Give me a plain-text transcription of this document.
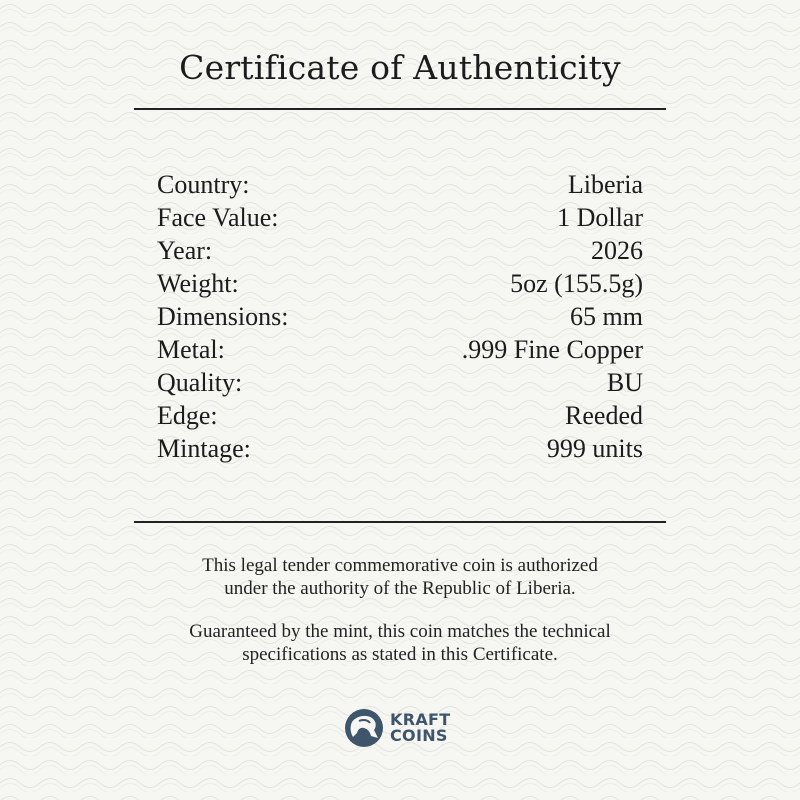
Certificate of Authenticity
Country:	Liberia
Face Value:	1 Dollar
Year:	2026
Weight:	5oz (155.5g)
Dimensions:	65 mm
Metal:	.999 Fine Copper
Quality:	BU
Edge:	Reeded
Mintage:	999 units
This legal tender commemorative coin is authorized
under the authority of the Republic of Liberia.
Guaranteed by the mint, this coin matches the technical
specifications as stated in this Certificate.
KRAFT
COINS
